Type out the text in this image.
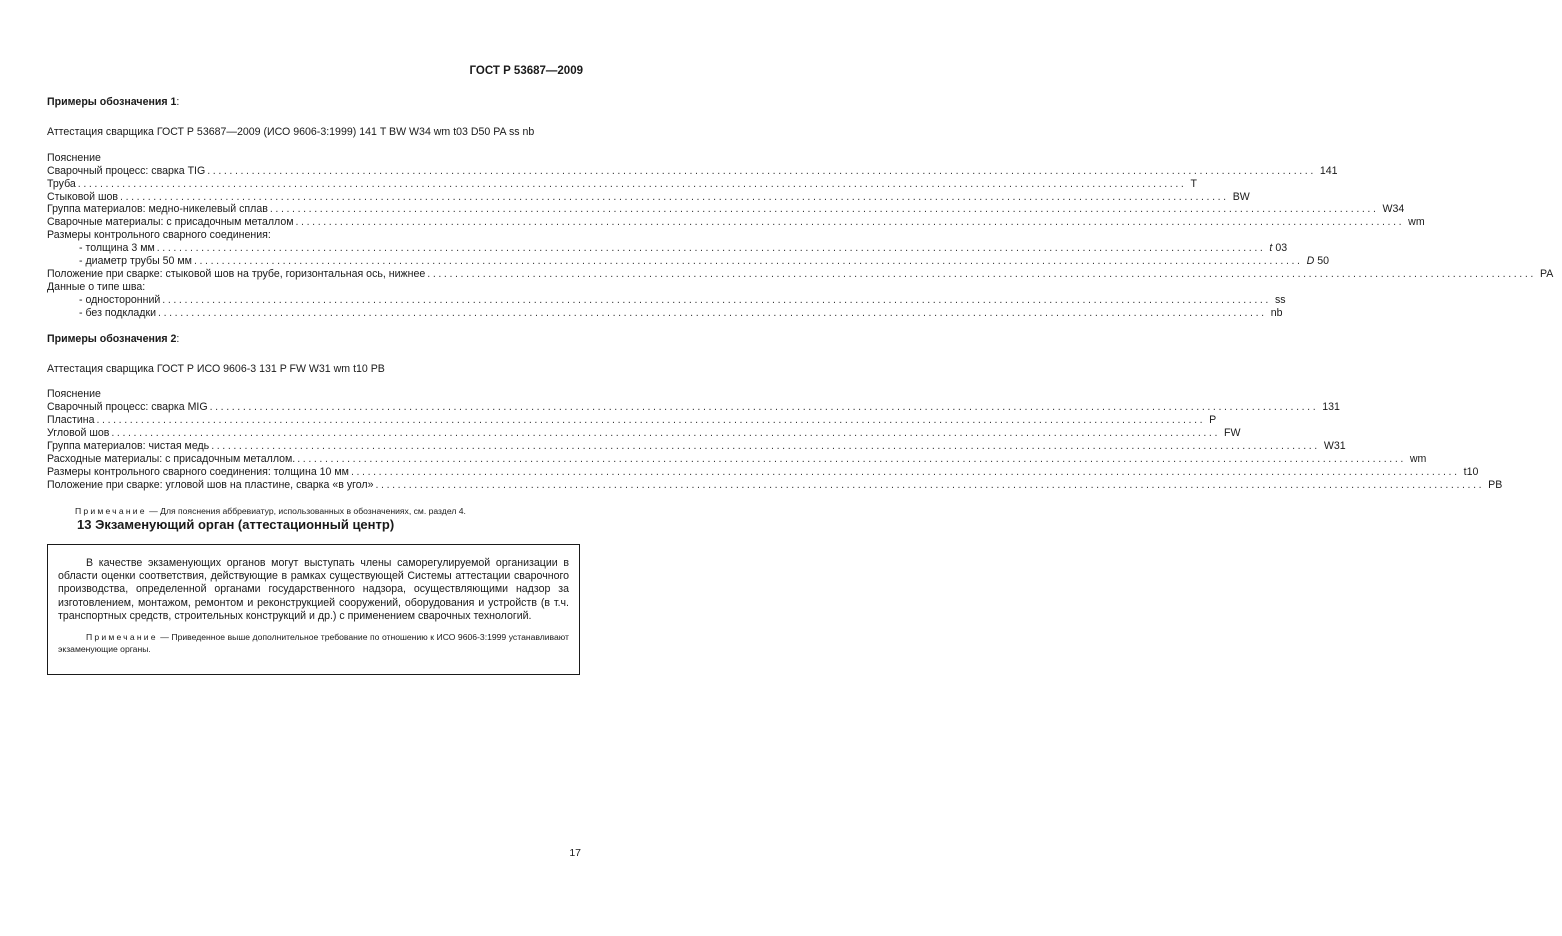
ГОСТ Р 53687—2009

Примеры обозначения 1:

Аттестация сварщика ГОСТ Р 53687—2009 (ИСО 9606-3:1999) 141 T BW W34 wm t03 D50 PA ss nb

Пояснение

Сварочный процесс: сварка TIG ........................................................................................................................................................................................................ 141
Труба ........................................................................................................................................................................................................ T
Стыковой шов ........................................................................................................................................................................................................ BW
Группа материалов: медно-никелевый сплав ........................................................................................................................................................................................................ W34
Сварочные материалы: с присадочным металлом ........................................................................................................................................................................................................ wm
Размеры контрольного сварного соединения:
- толщина 3 мм ........................................................................................................................................................................................................ t 03
- диаметр трубы 50 мм ........................................................................................................................................................................................................ D 50
Положение при сварке: стыковой шов на трубе, горизонтальная ось, нижнее ........................................................................................................................................................................................................ PA
Данные о типе шва:
- односторонний ........................................................................................................................................................................................................ ss
- без подкладки ........................................................................................................................................................................................................ nb

Примеры обозначения 2:

Аттестация сварщика ГОСТ Р ИСО 9606-3 131 P FW W31 wm t10 PB

Пояснение

Сварочный процесс: сварка MIG ........................................................................................................................................................................................................ 131
Пластина ........................................................................................................................................................................................................ P
Угловой шов ........................................................................................................................................................................................................ FW
Группа материалов: чистая медь ........................................................................................................................................................................................................ W31
Расходные материалы: с присадочным металлом. ........................................................................................................................................................................................................ wm
Размеры контрольного сварного соединения: толщина 10 мм ........................................................................................................................................................................................................ t10
Положение при сварке: угловой шов на пластине, сварка «в угол» ........................................................................................................................................................................................................ PB

Примечание — Для пояснения аббревиатур, использованных в обозначениях, см. раздел 4.

13 Экзаменующий орган (аттестационный центр)

В качестве экзаменующих органов могут выступать члены саморегулируемой организации в области оценки соответствия, действующие в рамках существующей Системы аттестации сварочного производства, определенной органами государственного надзора, осуществляющими надзор за изготовлением, монтажом, ремонтом и реконструкцией сооружений, оборудования и устройств (в т.ч. транспортных средств, строительных конструкций и др.) с применением сварочных технологий.

Примечание — Приведенное выше дополнительное требование по отношению к ИСО 9606-3:1999 устанавливают экзаменующие органы.

17
